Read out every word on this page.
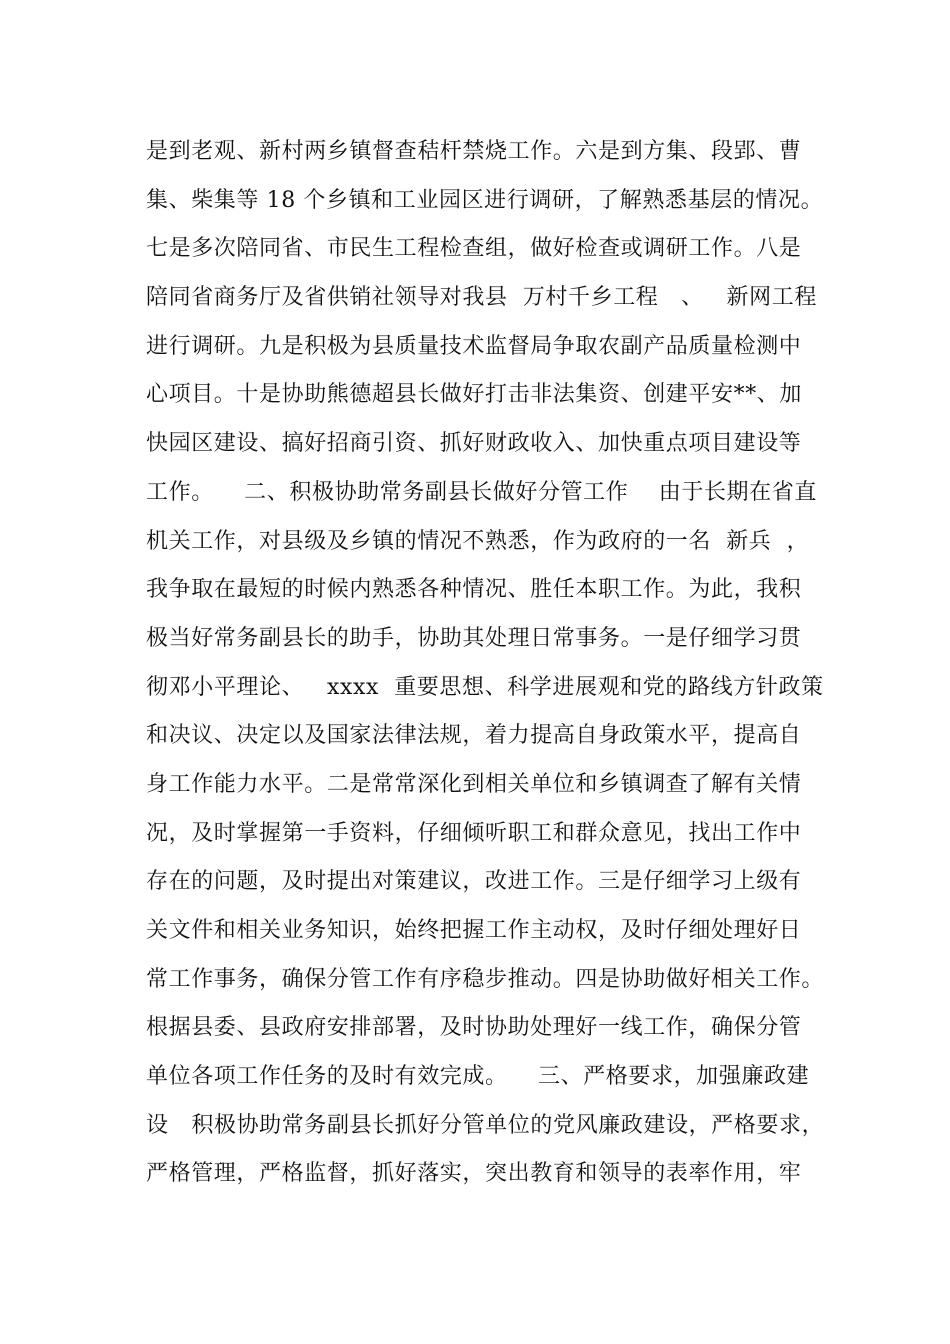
是到老观、新村两乡镇督查秸杆禁烧工作。六是到方集、段郢、曹
集、柴集等 18 个乡镇和工业园区进行调研，了解熟悉基层的情况。
七是多次陪同省、市民生工程检查组，做好检查或调研工作。八是
陪同省商务厅及省供销社领导对我县  万村千乡工程   、   新网工程
进行调研。九是积极为县质量技术监督局争取农副产品质量检测中
心项目。十是协助熊德超县长做好打击非法集资、创建平安**、加
快园区建设、搞好招商引资、抓好财政收入、加快重点项目建设等
工作。    二、积极协助常务副县长做好分管工作    由于长期在省直
机关工作，对县级及乡镇的情况不熟悉，作为政府的一名  新兵  ，
我争取在最短的时候内熟悉各种情况、胜任本职工作。为此，我积
极当好常务副县长的助手，协助其处理日常事务。一是仔细学习贯
彻邓小平理论、   xxxx  重要思想、科学进展观和党的路线方针政策
和决议、决定以及国家法律法规，着力提高自身政策水平，提高自
身工作能力水平。二是常常深化到相关单位和乡镇调查了解有关情
况，及时掌握第一手资料，仔细倾听职工和群众意见，找出工作中
存在的问题，及时提出对策建议，改进工作。三是仔细学习上级有
关文件和相关业务知识，始终把握工作主动权，及时仔细处理好日
常工作事务，确保分管工作有序稳步推动。四是协助做好相关工作。
根据县委、县政府安排部署，及时协助处理好一线工作，确保分管
单位各项工作任务的及时有效完成。    三、严格要求，加强廉政建
设   积极协助常务副县长抓好分管单位的党风廉政建设，严格要求，
严格管理，严格监督，抓好落实，突出教育和领导的表率作用，牢
